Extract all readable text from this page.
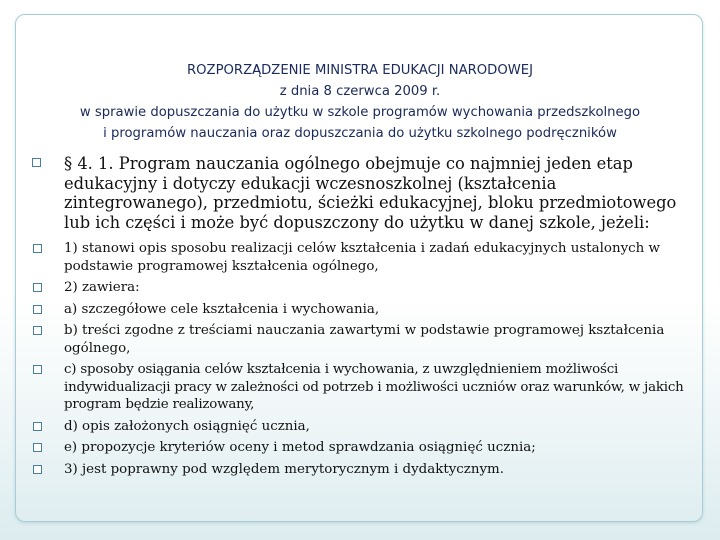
ROZPORZĄDZENIE MINISTRA EDUKACJI NARODOWEJ
z dnia 8 czerwca 2009 r.
w sprawie dopuszczania do użytku w szkole programów wychowania przedszkolnego
i programów nauczania oraz dopuszczania do użytku szkolnego podręczników
§ 4. 1. Program nauczania ogólnego obejmuje co najmniej jeden etap edukacyjny i dotyczy edukacji wczesnoszkolnej (kształcenia zintegrowanego), przedmiotu, ścieżki edukacyjnej, bloku przedmiotowego lub ich części i może być dopuszczony do użytku w danej szkole, jeżeli:
1) stanowi opis sposobu realizacji celów kształcenia i zadań edukacyjnych ustalonych w podstawie programowej kształcenia ogólnego,
2) zawiera:
a) szczegółowe cele kształcenia i wychowania,
b) treści zgodne z treściami nauczania zawartymi w podstawie programowej kształcenia ogólnego,
c) sposoby osiągania celów kształcenia i wychowania, z uwzględnieniem możliwości indywidualizacji pracy w zależności od potrzeb i możliwości uczniów oraz warunków, w jakich program będzie realizowany,
d) opis założonych osiągnięć ucznia,
e) propozycje kryteriów oceny i metod sprawdzania osiągnięć ucznia;
3) jest poprawny pod względem merytorycznym i dydaktycznym.
